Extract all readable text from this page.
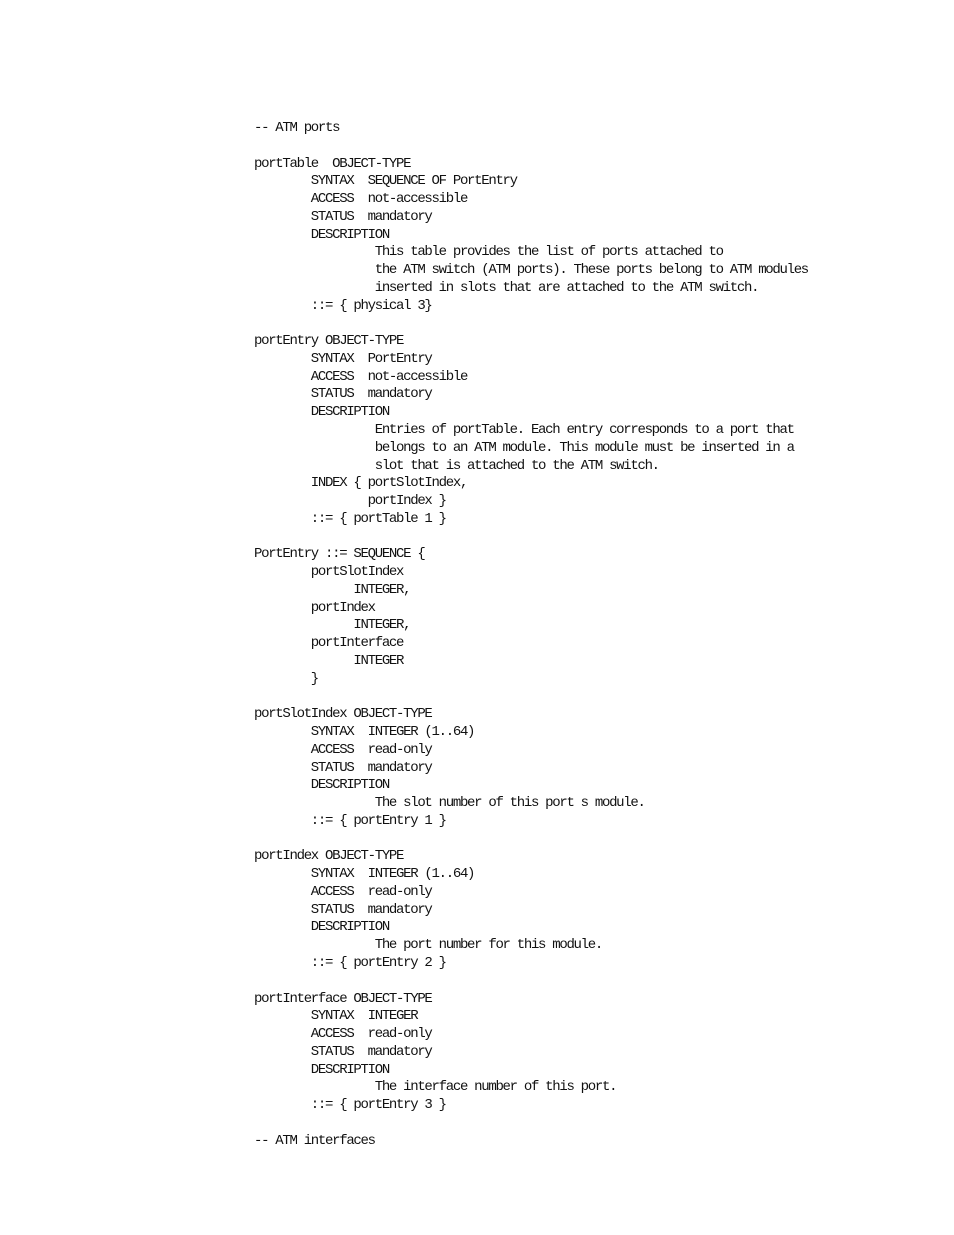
-- ATM ports
portTable  OBJECT-TYPE
SYNTAX  SEQUENCE OF PortEntry
ACCESS  not-accessible
STATUS  mandatory
DESCRIPTION
This table provides the list of ports attached to
the ATM switch (ATM ports). These ports belong to ATM modules
inserted in slots that are attached to the ATM switch.
::= { physical 3}
portEntry OBJECT-TYPE
SYNTAX  PortEntry
ACCESS  not-accessible
STATUS  mandatory
DESCRIPTION
Entries of portTable. Each entry corresponds to a port that
belongs to an ATM module. This module must be inserted in a
slot that is attached to the ATM switch.
INDEX { portSlotIndex,
portIndex }
::= { portTable 1 }
PortEntry ::= SEQUENCE {
portSlotIndex
INTEGER,
portIndex
INTEGER,
portInterface
INTEGER
}
portSlotIndex OBJECT-TYPE
SYNTAX  INTEGER (1..64)
ACCESS  read-only
STATUS  mandatory
DESCRIPTION
The slot number of this port s module.
::= { portEntry 1 }
portIndex OBJECT-TYPE
SYNTAX  INTEGER (1..64)
ACCESS  read-only
STATUS  mandatory
DESCRIPTION
The port number for this module.
::= { portEntry 2 }
portInterface OBJECT-TYPE
SYNTAX  INTEGER
ACCESS  read-only
STATUS  mandatory
DESCRIPTION
The interface number of this port.
::= { portEntry 3 }
-- ATM interfaces
